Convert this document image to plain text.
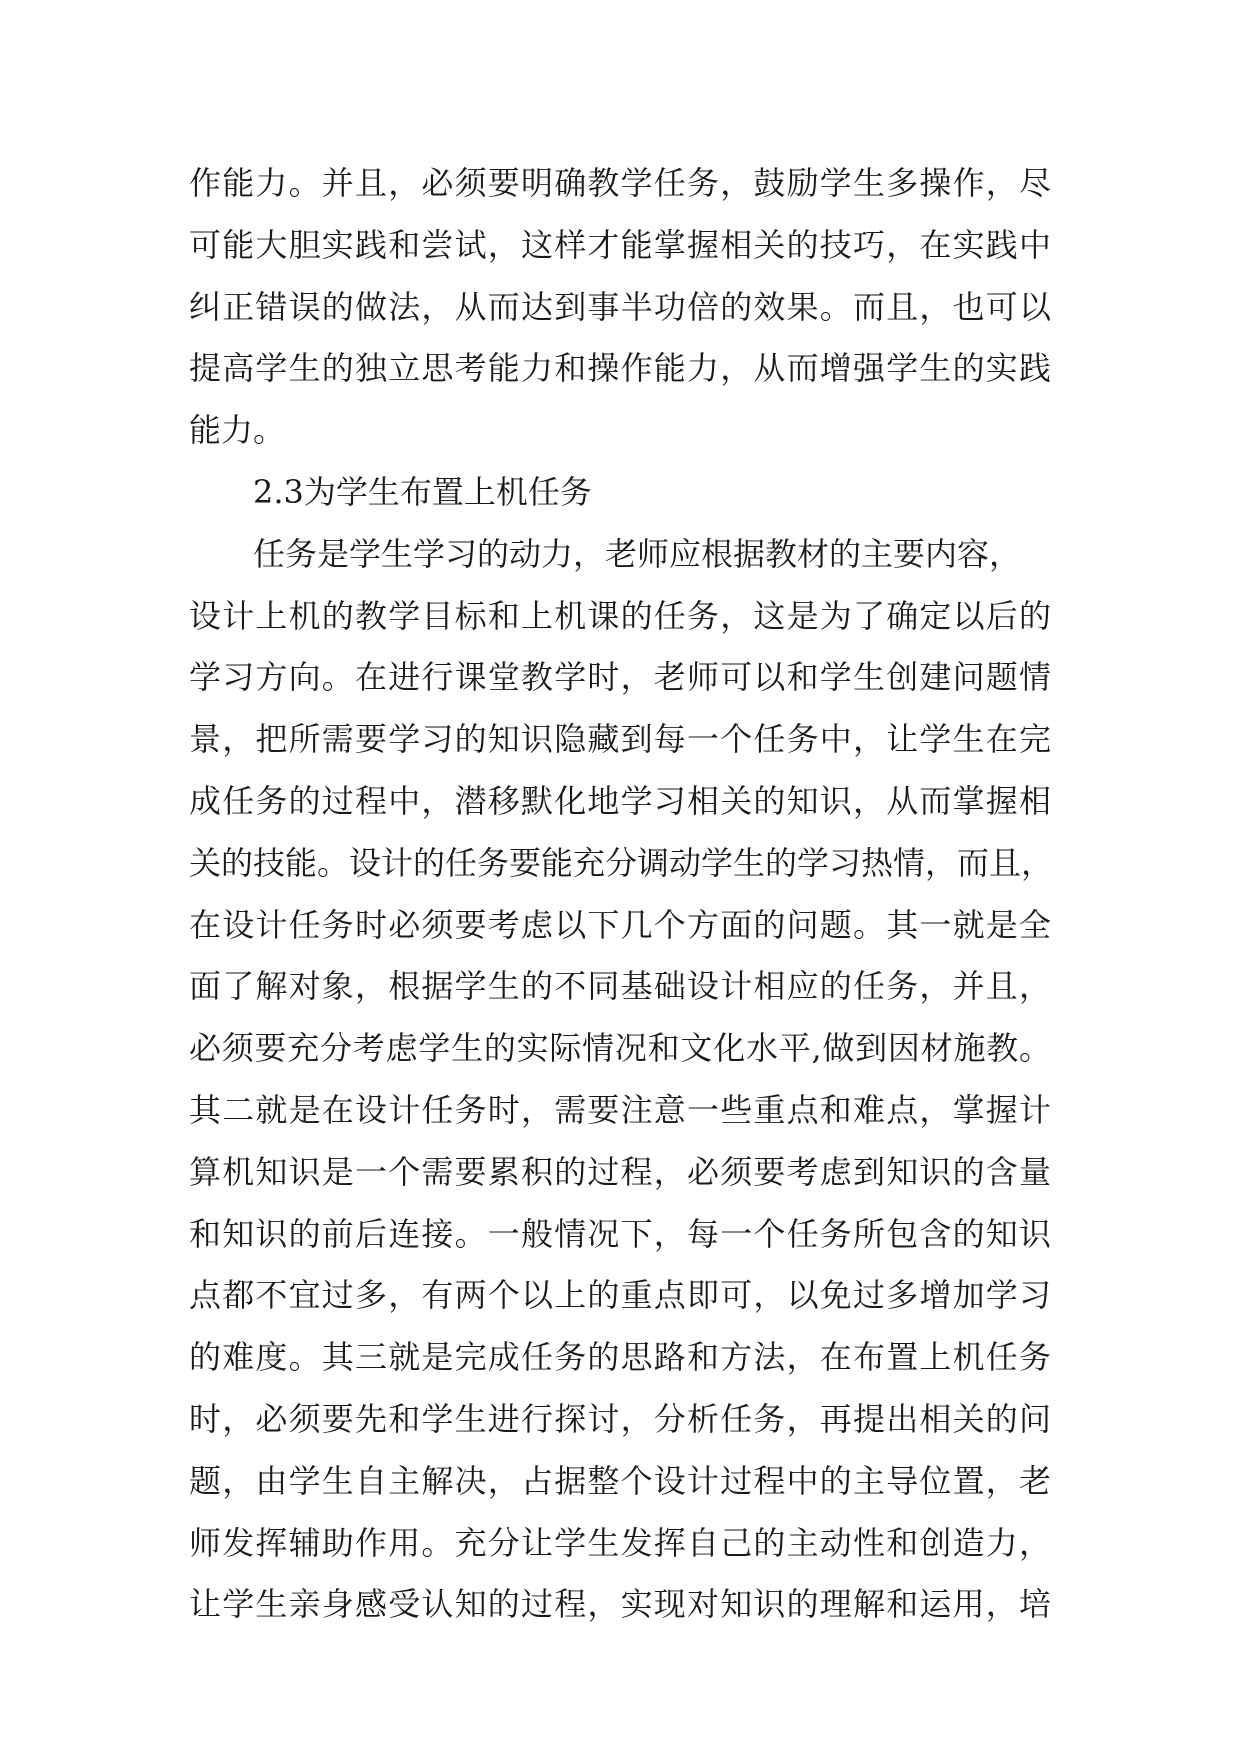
作能力。并且，必须要明确教学任务，鼓励学生多操作，尽
可能大胆实践和尝试，这样才能掌握相关的技巧，在实践中
纠正错误的做法，从而达到事半功倍的效果。而且，也可以
提高学生的独立思考能力和操作能力，从而增强学生的实践
能力。
2.3为学生布置上机任务
任务是学生学习的动力，老师应根据教材的主要内容，
设计上机的教学目标和上机课的任务，这是为了确定以后的
学习方向。在进行课堂教学时，老师可以和学生创建问题情
景，把所需要学习的知识隐藏到每一个任务中，让学生在完
成任务的过程中，潜移默化地学习相关的知识，从而掌握相
关的技能。设计的任务要能充分调动学生的学习热情，而且，
在设计任务时必须要考虑以下几个方面的问题。其一就是全
面了解对象，根据学生的不同基础设计相应的任务，并且，
必须要充分考虑学生的实际情况和文化水平,做到因材施教。
其二就是在设计任务时，需要注意一些重点和难点，掌握计
算机知识是一个需要累积的过程，必须要考虑到知识的含量
和知识的前后连接。一般情况下，每一个任务所包含的知识
点都不宜过多，有两个以上的重点即可，以免过多增加学习
的难度。其三就是完成任务的思路和方法，在布置上机任务
时，必须要先和学生进行探讨，分析任务，再提出相关的问
题，由学生自主解决，占据整个设计过程中的主导位置，老
师发挥辅助作用。充分让学生发挥自己的主动性和创造力，
让学生亲身感受认知的过程，实现对知识的理解和运用，培
